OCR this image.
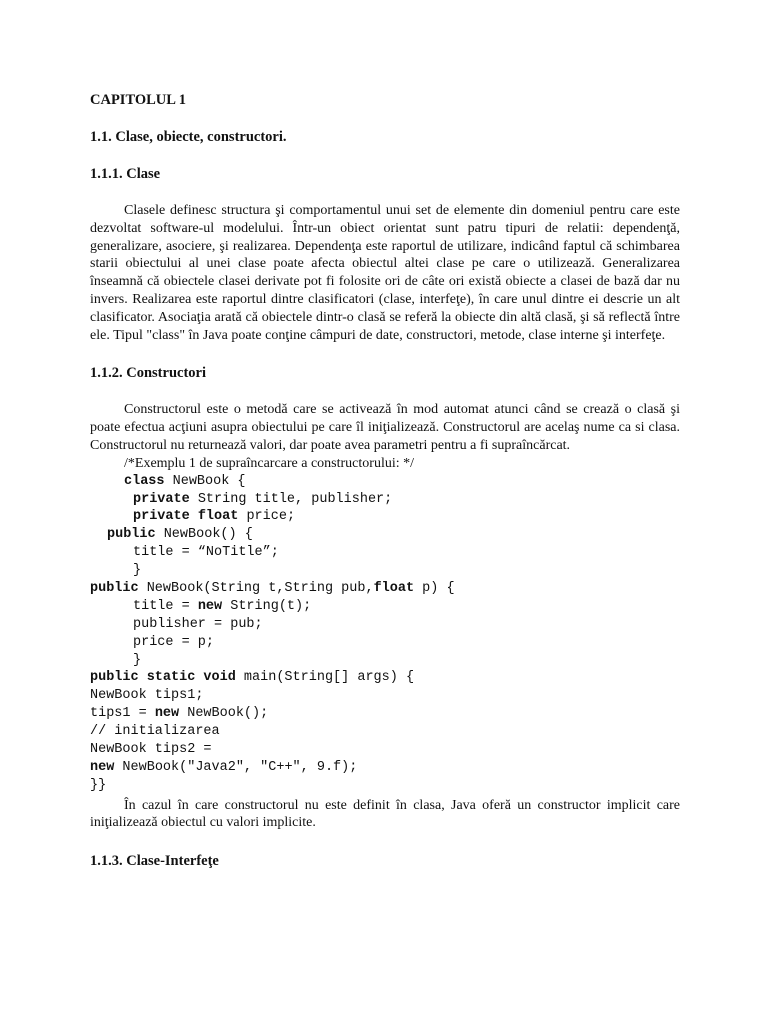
CAPITOLUL 1
1.1. Clase, obiecte, constructori.
1.1.1. Clase

Clasele definesc structura şi comportamentul unui set de elemente din domeniul pentru care este dezvoltat software-ul modelului. Într-un obiect orientat sunt patru tipuri de relatii: dependenţă, generalizare, asociere, şi realizarea. Dependenţa este raportul de utilizare, indicând faptul că schimbarea starii obiectului al unei clase poate afecta obiectul altei clase pe care o utilizează. Generalizarea înseamnă că obiectele clasei derivate pot fi folosite ori de câte ori există obiecte a clasei de bază dar nu invers. Realizarea este raportul dintre clasificatori (clase, interfeţe), în care unul dintre ei descrie un alt clasificator. Asociaţia arată că obiectele dintr-o clasă se referă la obiecte din altă clasă, şi să reflectă între ele. Tipul "class" în Java poate conţine câmpuri de date, constructori, metode, clase interne şi interfeţe.

1.1.2. Constructori

Constructorul este o metodă care se activează în mod automat atunci când se crează o clasă şi poate efectua acţiuni asupra obiectului pe care îl iniţializează. Constructorul are acelaş nume ca si clasa. Constructorul nu returnează valori, dar poate avea parametri pentru a fi supraîncărcat.

/*Exemplu 1 de supraîncarcare a constructorului: */
class NewBook {
private String title, publisher;
private float price;
public NewBook() {
title = “NoTitle”;
}
public NewBook(String t,String pub,float p) {
title = new String(t);
publisher = pub;
price = p;
}
public static void main(String[] args) {
NewBook tips1;
tips1 = new NewBook();
// initializarea
NewBook tips2 =
new NewBook("Java2", "C++", 9.f);
}}

În cazul în care constructorul nu este definit în clasa, Java oferă un constructor implicit care iniţializează obiectul cu valori implicite.

1.1.3. Clase-Interfeţe
